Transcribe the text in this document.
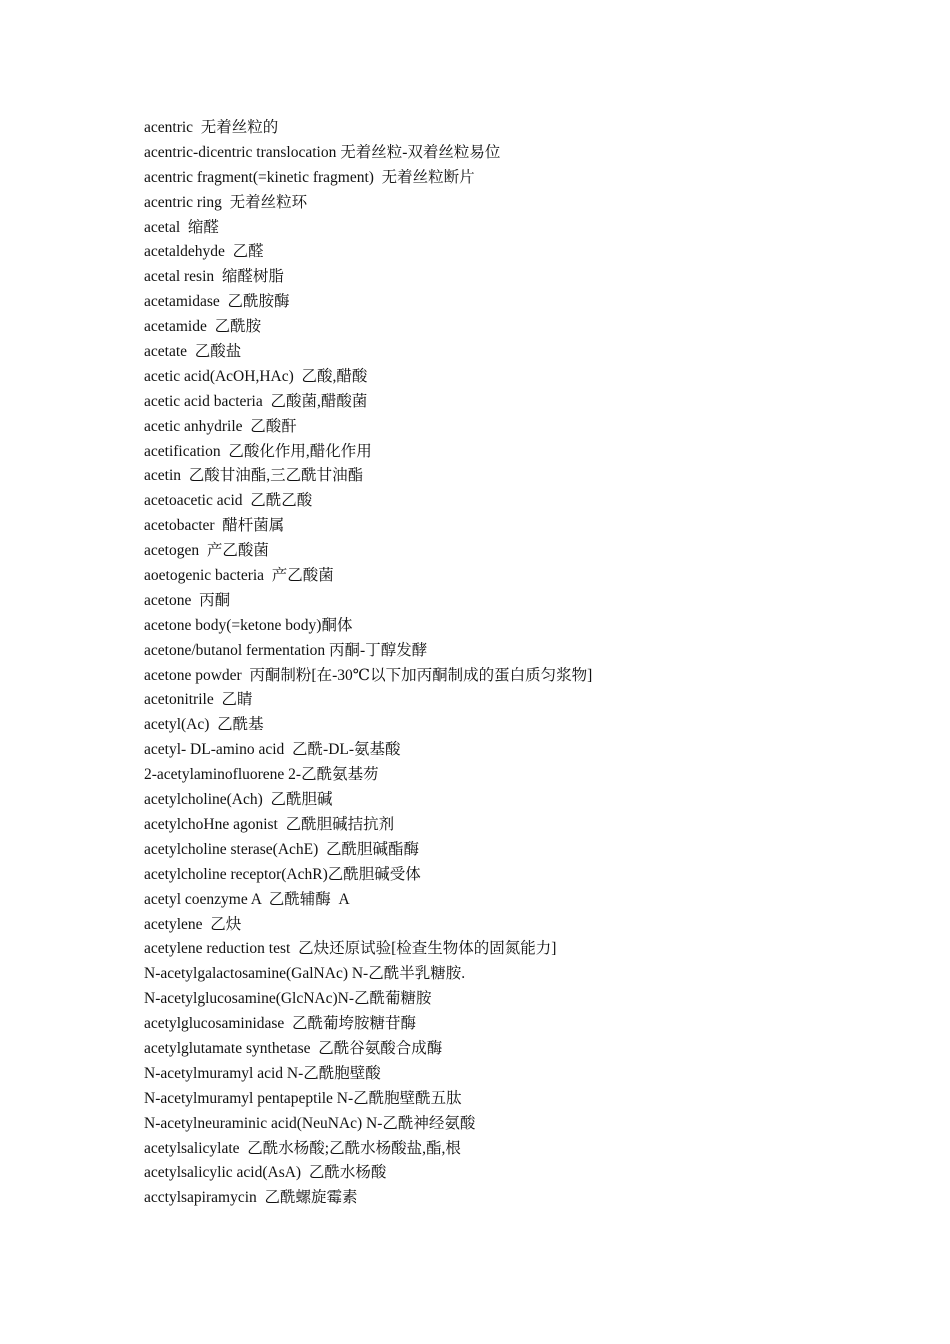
acentric  无着丝粒的
acentric-dicentric translocation 无着丝粒-双着丝粒易位
acentric fragment(=kinetic fragment)  无着丝粒断片
acentric ring  无着丝粒环
acetal  缩醛
acetaldehyde  乙醛
acetal resin  缩醛树脂
acetamidase  乙酰胺酶
acetamide  乙酰胺
acetate  乙酸盐
acetic acid(AcOH,HAc)  乙酸,醋酸
acetic acid bacteria  乙酸菌,醋酸菌
acetic anhydrile  乙酸酐
acetification  乙酸化作用,醋化作用
acetin  乙酸甘油酯,三乙酰甘油酯
acetoacetic acid  乙酰乙酸
acetobacter  醋杆菌属
acetogen  产乙酸菌
aoetogenic bacteria  产乙酸菌
acetone  丙酮
acetone body(=ketone body)酮体
acetone/butanol fermentation 丙酮-丁醇发酵
acetone powder  丙酮制粉[在-30℃以下加丙酮制成的蛋白质匀浆物]
acetonitrile  乙睛
acetyl(Ac)  乙酰基
acetyl- DL-amino acid  乙酰-DL-氨基酸
2-acetylaminofluorene 2-乙酰氨基芴
acetylcholine(Ach)  乙酰胆碱
acetylchoHne agonist  乙酰胆碱拮抗剂
acetylcholine sterase(AchE)  乙酰胆碱酯酶
acetylcholine receptor(AchR)乙酰胆碱受体
acetyl coenzyme A  乙酰辅酶  A
acetylene  乙炔
acetylene reduction test  乙炔还原试验[检查生物体的固氮能力]
N-acetylgalactosamine(GalNAc) N-乙酰半乳糖胺.
N-acetylglucosamine(GlcNAc)N-乙酰葡糖胺
acetylglucosaminidase  乙酰葡垮胺糖苷酶
acetylglutamate synthetase  乙酰谷氨酸合成酶
N-acetylmuramyl acid N-乙酰胞壁酸
N-acetylmuramyl pentapeptile N-乙酰胞壁酰五肽
N-acetylneuraminic acid(NeuNAc) N-乙酰神经氨酸
acetylsalicylate  乙酰水杨酸;乙酰水杨酸盐,酯,根
acetylsalicylic acid(AsA)  乙酰水杨酸
acctylsapiramycin  乙酰螺旋霉素
